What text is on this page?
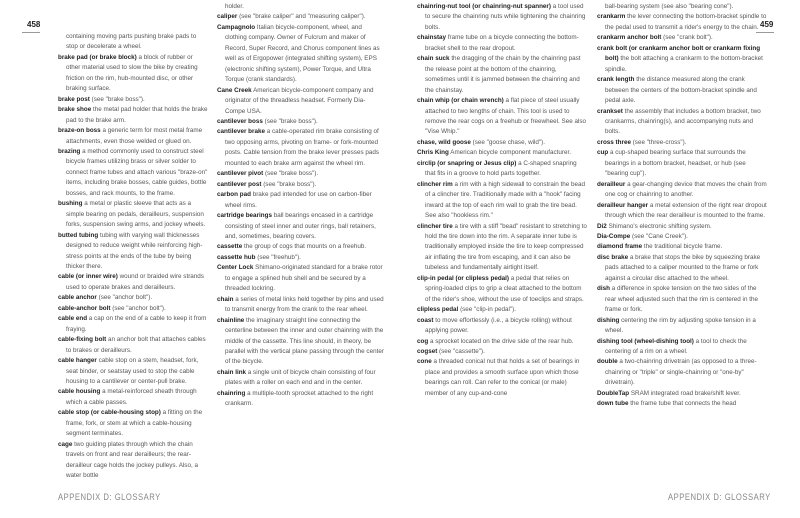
458	459

containing moving parts pushing brake pads to stop or decelerate a wheel.

brake pad (or brake block) a block of rubber or other material used to slow the bike by creating friction on the rim, hub-mounted disc, or other braking surface.

brake post (see "brake boss").

brake shoe the metal pad holder that holds the brake pad to the brake arm.

braze-on boss a generic term for most metal frame attachments, even those welded or glued on.

brazing a method commonly used to construct steel bicycle frames utilizing brass or silver solder to connect frame tubes and attach various "braze-on" items, including brake bosses, cable guides, bottle bosses, and rack mounts, to the frame.

bushing a metal or plastic sleeve that acts as a simple bearing on pedals, derailleurs, suspension forks, suspension swing arms, and jockey wheels.

butted tubing tubing with varying wall thicknesses designed to reduce weight while reinforcing high-stress points at the ends of the tube by being thicker there.

cable (or inner wire) wound or braided wire strands used to operate brakes and derailleurs.

cable anchor (see "anchor bolt").

cable-anchor bolt (see "anchor bolt").

cable end a cap on the end of a cable to keep it from fraying.

cable-fixing bolt an anchor bolt that attaches cables to brakes or derailleurs.

cable hanger cable stop on a stem, headset, fork, seat binder, or seatstay used to stop the cable housing to a cantilever or center-pull brake.

cable housing a metal-reinforced sheath through which a cable passes.

cable stop (or cable-housing stop) a fitting on the frame, fork, or stem at which a cable-housing segment terminates.

cage two guiding plates through which the chain travels on front and rear derailleurs; the rear-derailleur cage holds the jockey pulleys. Also, a water bottle

holder.

caliper (see "brake caliper" and "measuring caliper").

Campagnolo Italian bicycle-component, wheel, and clothing company. Owner of Fulcrum and maker of Record, Super Record, and Chorus component lines as well as of Ergopower (integrated shifting system), EPS (electronic shifting system), Power Torque, and Ultra Torque (crank standards).

Cane Creek American bicycle-component company and originator of the threadless headset. Formerly Dia-Compe USA.

cantilever boss (see "brake boss").

cantilever brake a cable-operated rim brake consisting of two opposing arms, pivoting on frame- or fork-mounted posts. Cable tension from the brake lever presses pads mounted to each brake arm against the wheel rim.

cantilever pivot (see "brake boss").

cantilever post (see "brake boss").

carbon pad brake pad intended for use on carbon-fiber wheel rims.

cartridge bearings ball bearings encased in a cartridge consisting of steel inner and outer rings, ball retainers, and, sometimes, bearing covers.

cassette the group of cogs that mounts on a freehub.

cassette hub (see "freehub").

Center Lock Shimano-originated standard for a brake rotor to engage a splined hub shell and be secured by a threaded lockring.

chain a series of metal links held together by pins and used to transmit energy from the crank to the rear wheel.

chainline the imaginary straight line connecting the centerline between the inner and outer chainring with the middle of the cassette. This line should, in theory, be parallel with the vertical plane passing through the center of the bicycle.

chain link a single unit of bicycle chain consisting of four plates with a roller on each end and in the center.

chainring a multiple-tooth sprocket attached to the right crankarm.

chainring-nut tool (or chainring-nut spanner) a tool used to secure the chainring nuts while tightening the chainring bolts.

chainstay frame tube on a bicycle connecting the bottom-bracket shell to the rear dropout.

chain suck the dragging of the chain by the chainring past the release point at the bottom of the chainring, sometimes until it is jammed between the chainring and the chainstay.

chain whip (or chain wrench) a flat piece of steel usually attached to two lengths of chain. This tool is used to remove the rear cogs on a freehub or freewheel. See also "Vise Whip."

chase, wild goose (see "goose chase, wild").

Chris King American bicycle component manufacturer.

circlip (or snapring or Jesus clip) a C-shaped snapring that fits in a groove to hold parts together.

clincher rim a rim with a high sidewall to constrain the bead of a clincher tire. Traditionally made with a "hook" facing inward at the top of each rim wall to grab the tire bead. See also "hookless rim."

clincher tire a tire with a stiff "bead" resistant to stretching to hold the tire down into the rim. A separate inner tube is traditionally employed inside the tire to keep compressed air inflating the tire from escaping, and it can also be tubeless and fundamentally airtight itself.

clip-in pedal (or clipless pedal) a pedal that relies on spring-loaded clips to grip a cleat attached to the bottom of the rider's shoe, without the use of toeclips and straps.

clipless pedal (see "clip-in pedal").

coast to move effortlessly (i.e., a bicycle rolling) without applying power.

cog a sprocket located on the drive side of the rear hub.

cogset (see "cassette").

cone a threaded conical nut that holds a set of bearings in place and provides a smooth surface upon which those bearings can roll. Can refer to the conical (or male) member of any cup-and-cone

ball-bearing system (see also "bearing cone").

crankarm the lever connecting the bottom-bracket spindle to the pedal used to transmit a rider's energy to the chain.

crankarm anchor bolt (see "crank bolt").

crank bolt (or crankarm anchor bolt or crankarm fixing bolt) the bolt attaching a crankarm to the bottom-bracket spindle.

crank length the distance measured along the crank between the centers of the bottom-bracket spindle and pedal axle.

crankset the assembly that includes a bottom bracket, two crankarms, chainring(s), and accompanying nuts and bolts.

cross three (see "three-cross").

cup a cup-shaped bearing surface that surrounds the bearings in a bottom bracket, headset, or hub (see "bearing cup").

derailleur a gear-changing device that moves the chain from one cog or chainring to another.

derailleur hanger a metal extension of the right rear dropout through which the rear derailleur is mounted to the frame.

Di2 Shimano's electronic shifting system.

Dia-Compe (see "Cane Creek").

diamond frame the traditional bicycle frame.

disc brake a brake that stops the bike by squeezing brake pads attached to a caliper mounted to the frame or fork against a circular disc attached to the wheel.

dish a difference in spoke tension on the two sides of the rear wheel adjusted such that the rim is centered in the frame or fork.

dishing centering the rim by adjusting spoke tension in a wheel.

dishing tool (wheel-dishing tool) a tool to check the centering of a rim on a wheel.

double a two-chainring drivetrain (as opposed to a three-chainring or "triple" or single-chainring or "one-by" drivetrain).

DoubleTap SRAM integrated road brake/shift lever.

down tube the frame tube that connects the head

APPENDIX D: GLOSSARY	APPENDIX D: GLOSSARY
